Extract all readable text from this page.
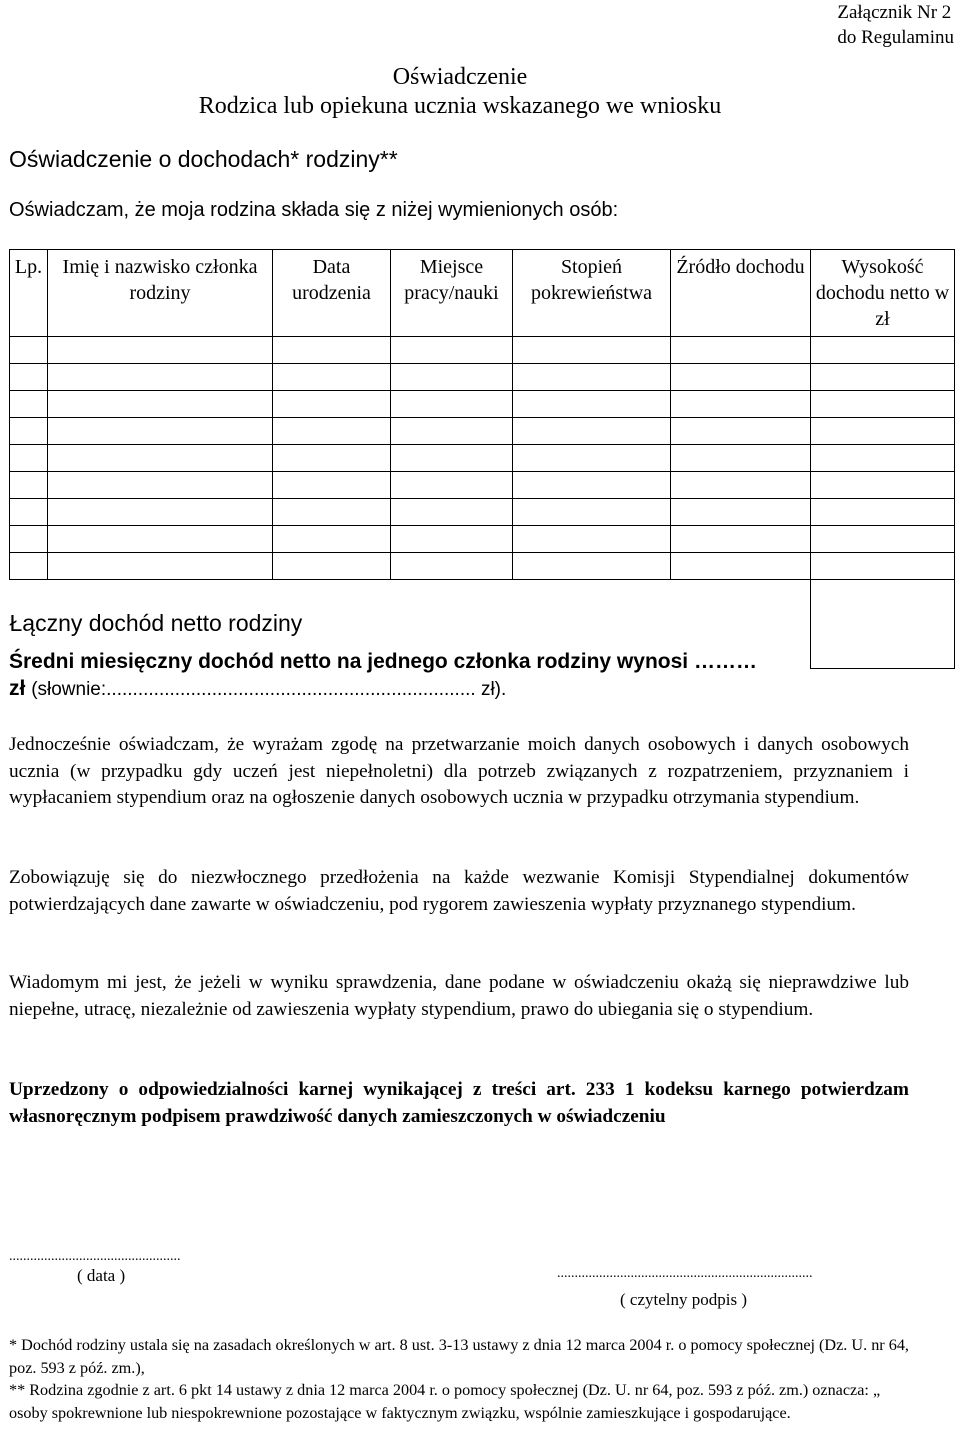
Załącznik Nr 2
do Regulaminu
Oświadczenie
Rodzica lub opiekuna ucznia wskazanego we wniosku
Oświadczenie o dochodach* rodziny**
Oświadczam, że moja rodzina składa się z niżej wymienionych osób:
Lp.	Imię i nazwisko członka rodziny	Data urodzenia	Miejsce pracy/nauki	Stopień pokrewieństwa	Źródło dochodu	Wysokość dochodu netto w zł

Łączny dochód netto rodziny						
Średni miesięczny dochód netto na jednego członka rodziny wynosi ………
zł (słownie:...................................................................... zł).
Jednocześnie oświadczam, że wyrażam zgodę na przetwarzanie moich danych osobowych i danych osobowych ucznia (w przypadku gdy uczeń jest niepełnoletni) dla potrzeb związanych z rozpatrzeniem, przyznaniem i wypłacaniem stypendium oraz na ogłoszenie danych osobowych ucznia w przypadku otrzymania stypendium.
Zobowiązuję się do niezwłocznego przedłożenia na każde wezwanie Komisji Stypendialnej dokumentów potwierdzających dane zawarte w oświadczeniu, pod rygorem zawieszenia wypłaty przyznanego stypendium.
Wiadomym mi jest, że jeżeli w wyniku sprawdzenia, dane podane w oświadczeniu okażą się nieprawdziwe lub niepełne, utracę, niezależnie od zawieszenia wypłaty stypendium, prawo do ubiegania się o stypendium.
Uprzedzony o odpowiedzialności karnej wynikającej z treści art. 233 1 kodeksu karnego potwierdzam własnoręcznym podpisem prawdziwość danych zamieszczonych w oświadczeniu
.................................................
( data )	.........................................................................
( czytelny podpis )
* Dochód rodziny ustala się na zasadach określonych w art. 8 ust. 3-13 ustawy z dnia 12 marca 2004 r. o pomocy społecznej (Dz. U. nr 64, poz. 593 z póź. zm.),
** Rodzina zgodnie z art. 6 pkt 14 ustawy z dnia 12 marca 2004 r. o pomocy społecznej (Dz. U. nr 64, poz. 593 z póź. zm.) oznacza: „ osoby spokrewnione lub niespokrewnione pozostające w faktycznym związku, wspólnie zamieszkujące i gospodarujące.
